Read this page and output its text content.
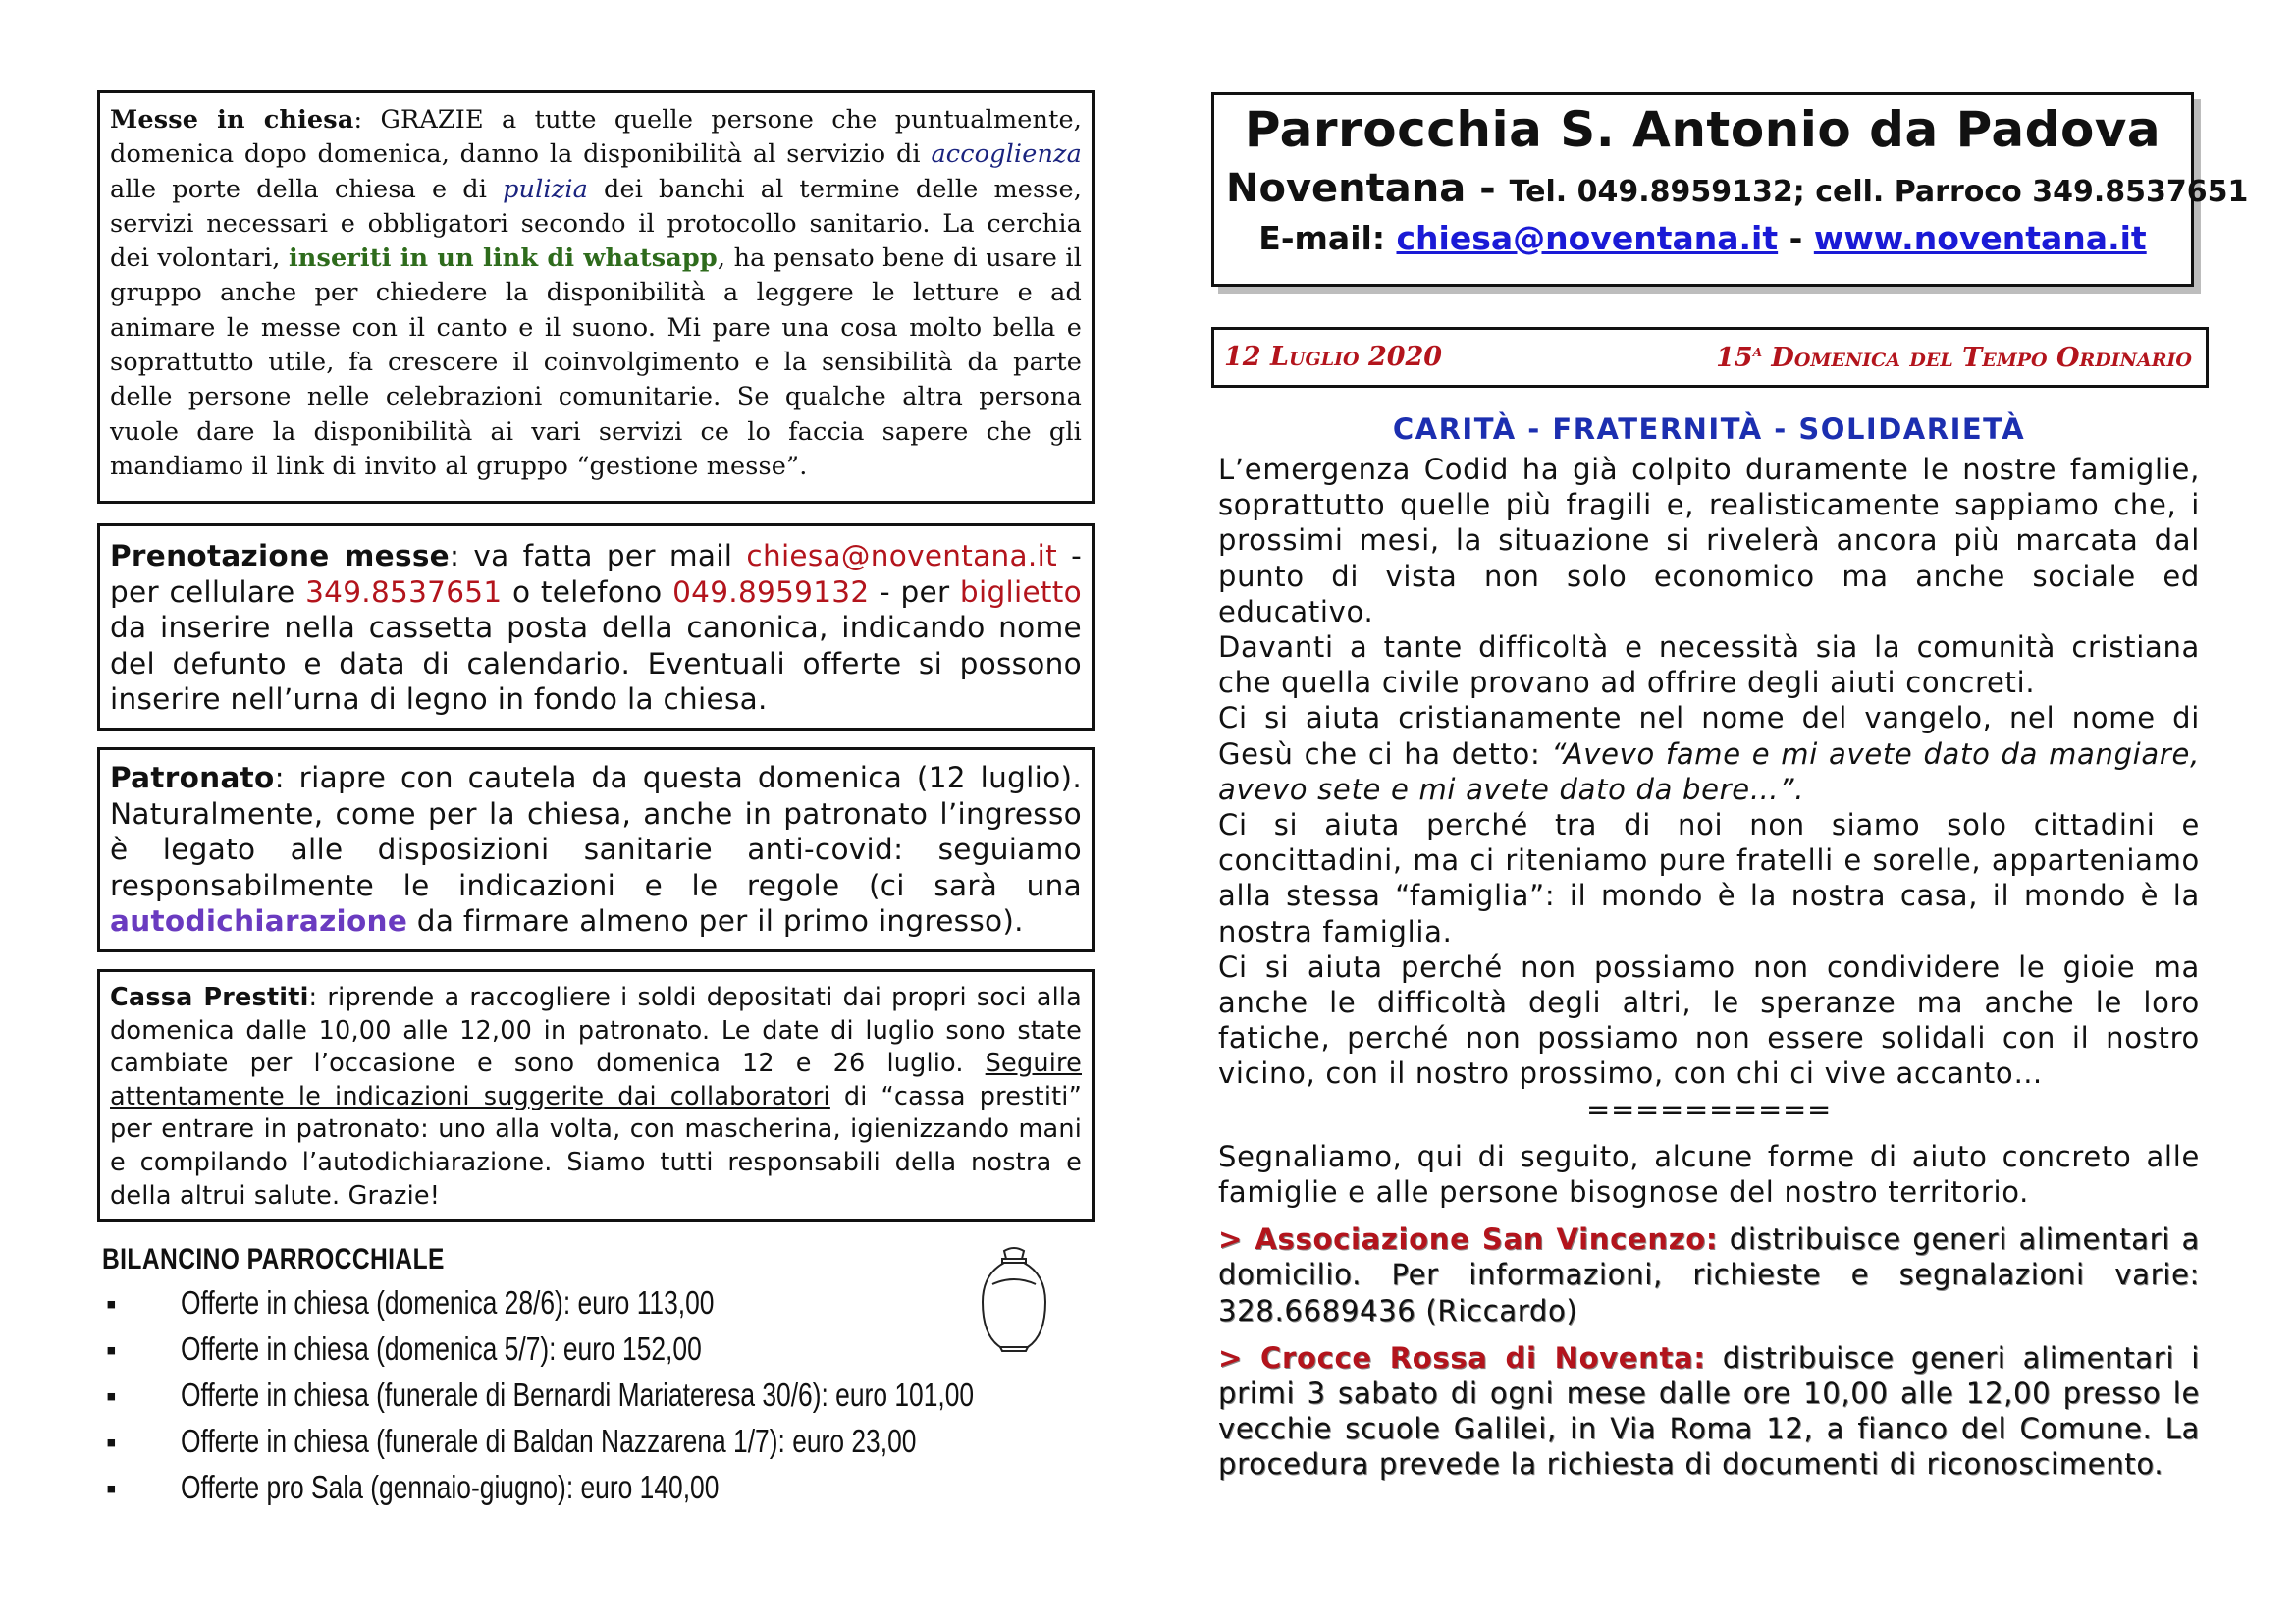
Messe in chiesa: GRAZIE a tutte quelle persone che puntualmente, domenica dopo domenica, danno la disponibilità al servizio di accoglienza alle porte della chiesa e di pulizia dei banchi al termine delle messe, servizi necessari e obbligatori secondo il protocollo sanitario. La cerchia dei volontari, inseriti in un link di whatsapp, ha pensato bene di usare il gruppo anche per chiedere la disponibilità a leggere le letture e ad animare le messe con il canto e il suono. Mi pare una cosa molto bella e soprattutto utile, fa crescere il coinvolgimento e la sensibilità da parte delle persone nelle celebrazioni comunitarie. Se qualche altra persona vuole dare la disponibilità ai vari servizi ce lo faccia sapere che gli mandiamo il link di invito al gruppo “gestione messe”.

Prenotazione messe: va fatta per mail chiesa@noventana.it - per cellulare 349.8537651 o telefono 049.8959132 - per biglietto da inserire nella cassetta posta della canonica, indicando nome del defunto e data di calendario. Eventuali offerte si possono inserire nell’urna di legno in fondo la chiesa.

Patronato: riapre con cautela da questa domenica (12 luglio). Naturalmente, come per la chiesa, anche in patronato l’ingresso è legato alle disposizioni sanitarie anti-covid: seguiamo responsabilmente le indicazioni e le regole (ci sarà una autodichiarazione da firmare almeno per il primo ingresso).

Cassa Prestiti: riprende a raccogliere i soldi depositati dai propri soci alla domenica dalle 10,00 alle 12,00 in patronato. Le date di luglio sono state cambiate per l’occasione e sono domenica 12 e 26 luglio. Seguire attentamente le indicazioni suggerite dai collaboratori di “cassa prestiti” per entrare in patronato: uno alla volta, con mascherina, igienizzando mani e compilando l’autodichiarazione. Siamo tutti responsabili della nostra e della altrui salute. Grazie!

BILANCINO PARROCCHIALE
▪ Offerte in chiesa (domenica 28/6): euro 113,00
▪ Offerte in chiesa (domenica 5/7): euro 152,00
▪ Offerte in chiesa (funerale di Bernardi Mariateresa 30/6): euro 101,00
▪ Offerte in chiesa (funerale di Baldan Nazzarena 1/7): euro 23,00
▪ Offerte pro Sala (gennaio-giugno): euro 140,00
Parrocchia S. Antonio da Padova
Noventana - Tel. 049.8959132; cell. Parroco 349.8537651
E-mail: chiesa@noventana.it - www.noventana.it
12 Luglio 2020	15$^a$ Domenica del Tempo Ordinario
CARITÀ - FRATERNITÀ - SOLIDARIETÀ

L’emergenza Codid ha già colpito duramente le nostre famiglie, soprattutto quelle più fragili e, realisticamente sappiamo che, i prossimi mesi, la situazione si rivelerà ancora più marcata dal punto di vista non solo economico ma anche sociale ed educativo.

Davanti a tante difficoltà e necessità sia la comunità cristiana che quella civile provano ad offrire degli aiuti concreti.

Ci si aiuta cristianamente nel nome del vangelo, nel nome di Gesù che ci ha detto: “Avevo fame e mi avete dato da mangiare, avevo sete e mi avete dato da bere…”.

Ci si aiuta perché tra di noi non siamo solo cittadini e concittadini, ma ci riteniamo pure fratelli e sorelle, apparteniamo alla stessa “famiglia”: il mondo è la nostra casa, il mondo è la nostra famiglia.

Ci si aiuta perché non possiamo non condividere le gioie ma anche le difficoltà degli altri, le speranze ma anche le loro fatiche, perché non possiamo non essere solidali con il nostro vicino, con il nostro prossimo, con chi ci vive accanto…

==========

Segnaliamo, qui di seguito, alcune forme di aiuto concreto alle famiglie e alle persone bisognose del nostro territorio.

> Associazione San Vincenzo: distribuisce generi alimentari a domicilio. Per informazioni, richieste e segnalazioni varie: 328.6689436 (Riccardo)

> Crocce Rossa di Noventa: distribuisce generi alimentari i primi 3 sabato di ogni mese dalle ore 10,00 alle 12,00 presso le vecchie scuole Galilei, in Via Roma 12, a fianco del Comune. La procedura prevede la richiesta di documenti di riconoscimento.
